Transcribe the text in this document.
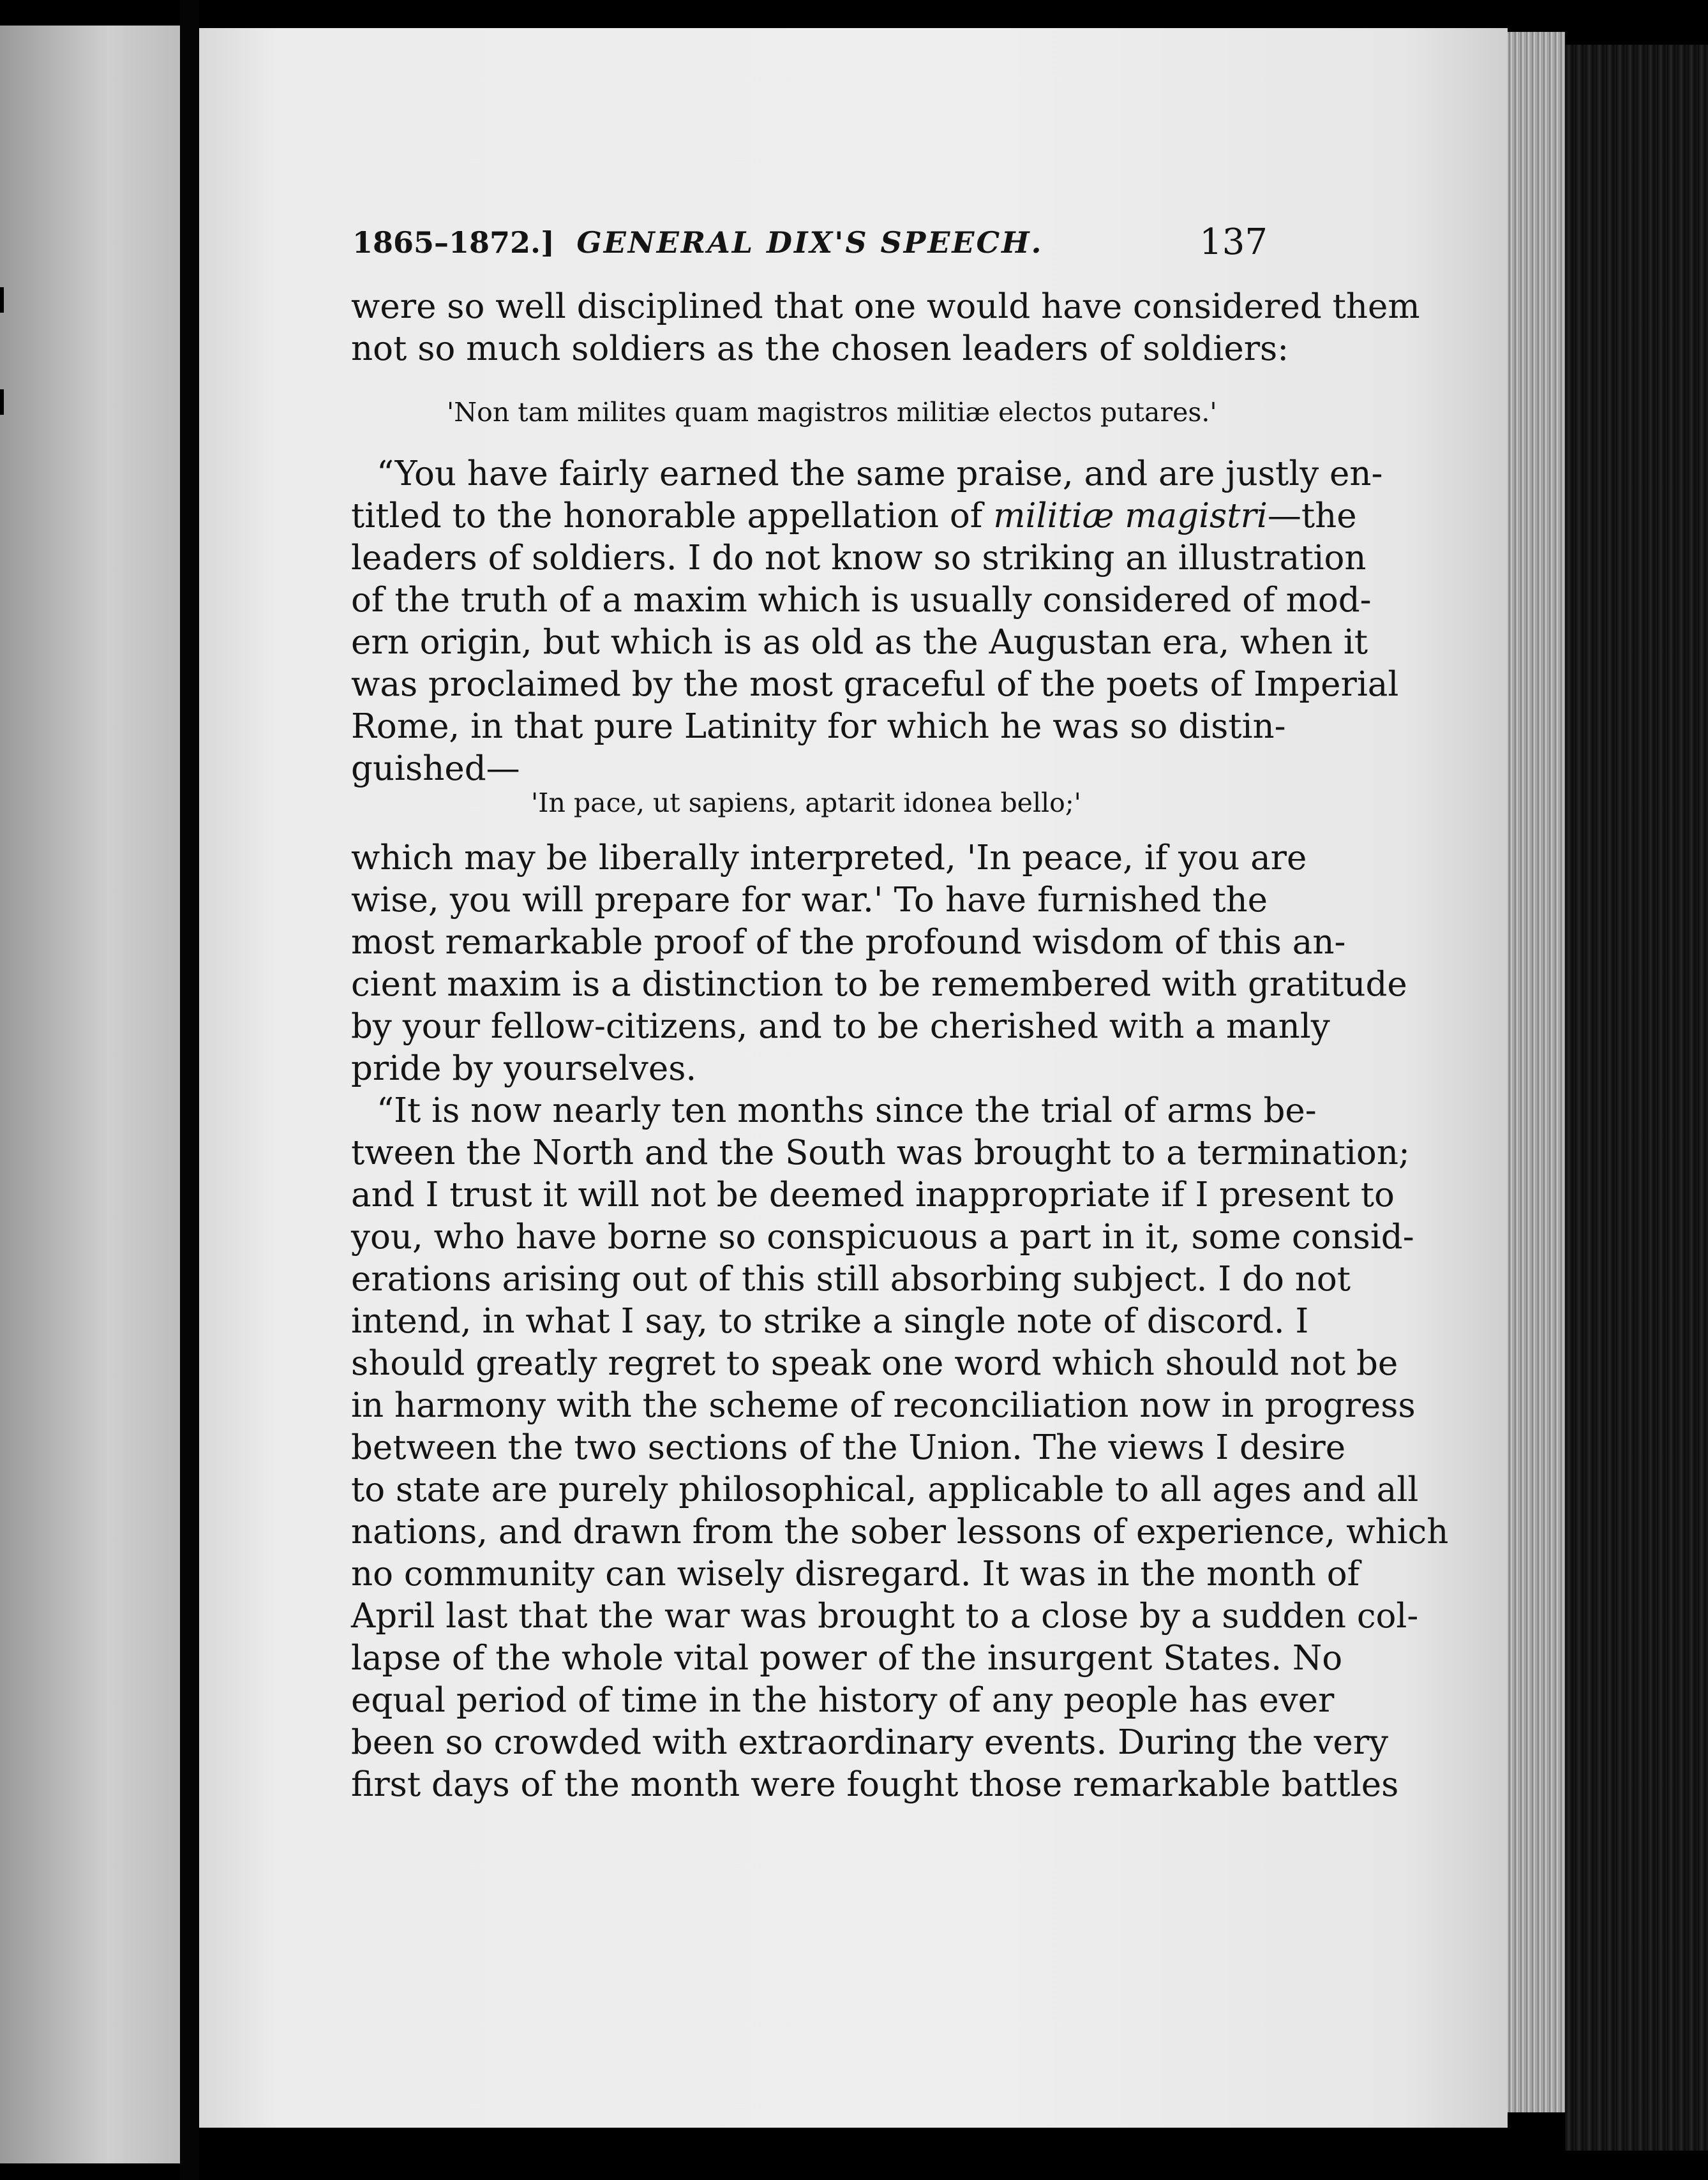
1865–1872.] GENERAL DIX'S SPEECH.	137
were so well disciplined that one would have considered them
not so much soldiers as the chosen leaders of soldiers:
'Non tam milites quam magistros militiæ electos putares.'
“You have fairly earned the same praise, and are justly en-
titled to the honorable appellation of militiæ magistri—the
leaders of soldiers. I do not know so striking an illustration
of the truth of a maxim which is usually considered of mod-
ern origin, but which is as old as the Augustan era, when it
was proclaimed by the most graceful of the poets of Imperial
Rome, in that pure Latinity for which he was so distin-
guished—
'In pace, ut sapiens, aptarit idonea bello;'
which may be liberally interpreted, 'In peace, if you are
wise, you will prepare for war.' To have furnished the
most remarkable proof of the profound wisdom of this an-
cient maxim is a distinction to be remembered with gratitude
by your fellow-citizens, and to be cherished with a manly
pride by yourselves.
“It is now nearly ten months since the trial of arms be-
tween the North and the South was brought to a termination;
and I trust it will not be deemed inappropriate if I present to
you, who have borne so conspicuous a part in it, some consid-
erations arising out of this still absorbing subject. I do not
intend, in what I say, to strike a single note of discord. I
should greatly regret to speak one word which should not be
in harmony with the scheme of reconciliation now in progress
between the two sections of the Union. The views I desire
to state are purely philosophical, applicable to all ages and all
nations, and drawn from the sober lessons of experience, which
no community can wisely disregard. It was in the month of
April last that the war was brought to a close by a sudden col-
lapse of the whole vital power of the insurgent States. No
equal period of time in the history of any people has ever
been so crowded with extraordinary events. During the very
first days of the month were fought those remarkable battles
